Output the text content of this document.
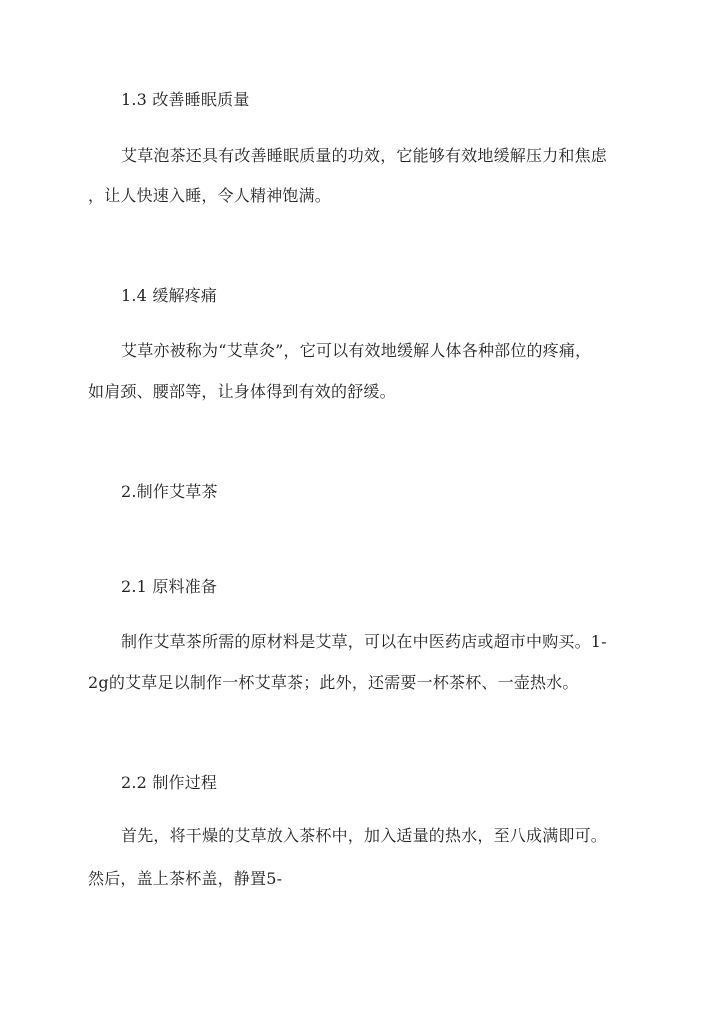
1.3 改善睡眠质量
艾草泡茶还具有改善睡眠质量的功效，它能够有效地缓解压力和焦虑
，让人快速入睡，令人精神饱满。
1.4 缓解疼痛
艾草亦被称为“艾草灸”，它可以有效地缓解人体各种部位的疼痛，
如肩颈、腰部等，让身体得到有效的舒缓。
2.制作艾草茶
2.1 原料准备
制作艾草茶所需的原材料是艾草，可以在中医药店或超市中购买。1-
2g的艾草足以制作一杯艾草茶；此外，还需要一杯茶杯、一壶热水。
2.2 制作过程
首先，将干燥的艾草放入茶杯中，加入适量的热水，至八成满即可。
然后，盖上茶杯盖，静置5-
